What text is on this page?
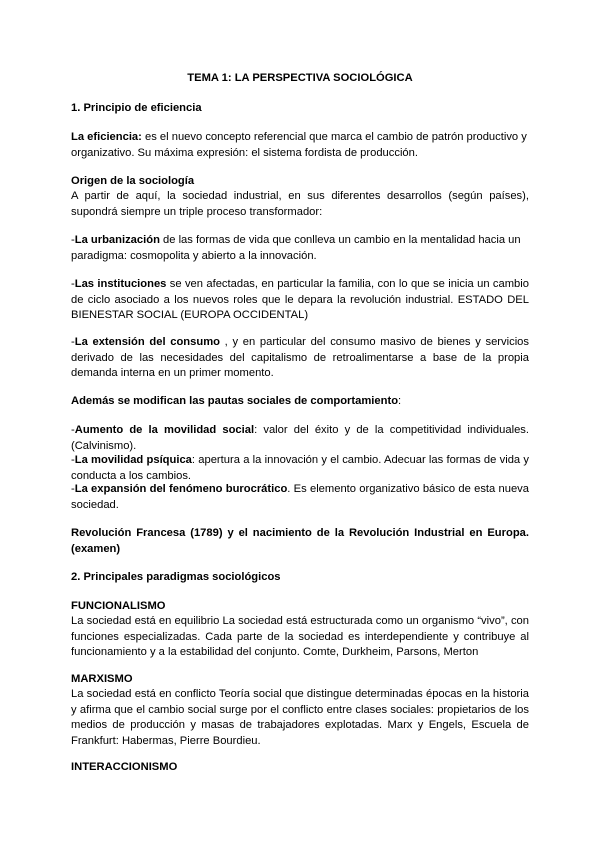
TEMA 1: LA PERSPECTIVA SOCIOLÓGICA
1. Principio de eficiencia

La eficiencia: es el nuevo concepto referencial que marca el cambio de patrón productivo y organizativo. Su máxima expresión: el sistema fordista de producción.

Origen de la sociología

A partir de aquí, la sociedad industrial, en sus diferentes desarrollos (según países), supondrá siempre un triple proceso transformador:

-La urbanización de las formas de vida que conlleva un cambio en la mentalidad hacia un paradigma: cosmopolita y abierto a la innovación.

-Las instituciones se ven afectadas, en particular la familia, con lo que se inicia un cambio de ciclo asociado a los nuevos roles que le depara la revolución industrial. ESTADO DEL BIENESTAR SOCIAL (EUROPA OCCIDENTAL)

-La extensión del consumo , y en particular del consumo masivo de bienes y servicios derivado de las necesidades del capitalismo de retroalimentarse a base de la propia demanda interna en un primer momento.

Además se modifican las pautas sociales de comportamiento:

-Aumento de la movilidad social: valor del éxito y de la competitividad individuales. (Calvinismo).

-La movilidad psíquica: apertura a la innovación y el cambio. Adecuar las formas de vida y conducta a los cambios.

-La expansión del fenómeno burocrático. Es elemento organizativo básico de esta nueva sociedad.

Revolución Francesa (1789) y el nacimiento de la Revolución Industrial en Europa. (examen)

2. Principales paradigmas sociológicos
FUNCIONALISMO

La sociedad está en equilibrio La sociedad está estructurada como un organismo “vivo”, con funciones especializadas. Cada parte de la sociedad es interdependiente y contribuye al funcionamiento y a la estabilidad del conjunto. Comte, Durkheim, Parsons, Merton

MARXISMO

La sociedad está en conflicto Teoría social que distingue determinadas épocas en la historia y afirma que el cambio social surge por el conflicto entre clases sociales: propietarios de los medios de producción y masas de trabajadores explotadas. Marx y Engels, Escuela de Frankfurt: Habermas, Pierre Bourdieu.

INTERACCIONISMO
